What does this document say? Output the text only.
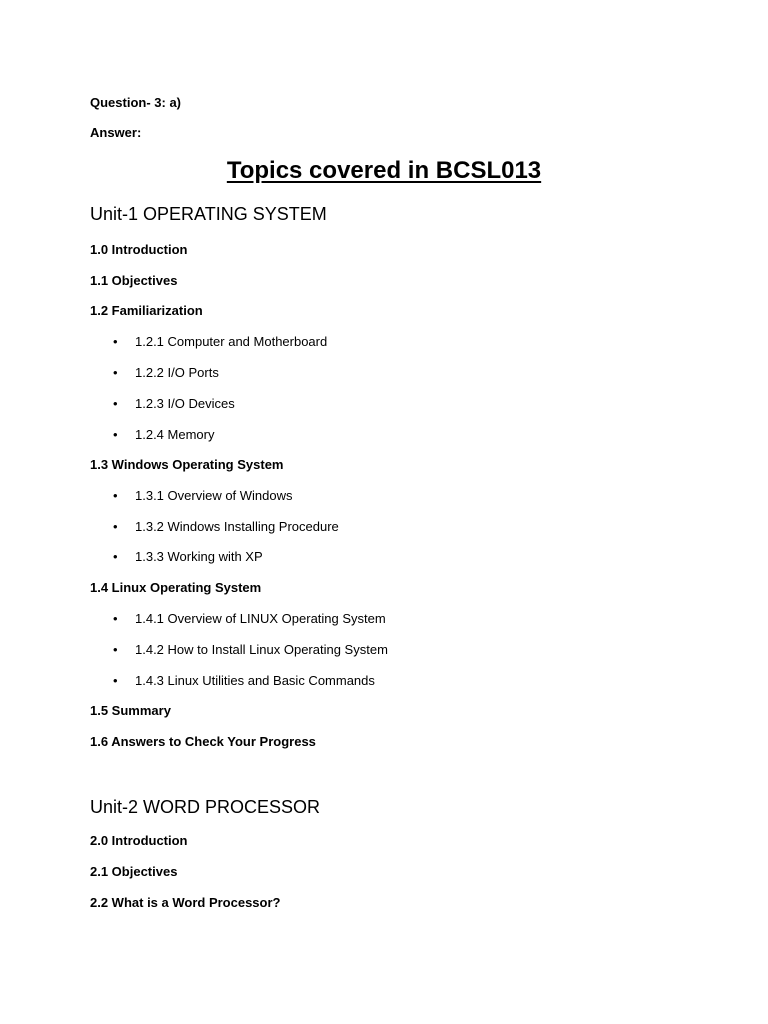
Question- 3: a)
Answer:
Topics covered in BCSL013
Unit-1 OPERATING SYSTEM
1.0 Introduction
1.1 Objectives
1.2 Familiarization
• 1.2.1 Computer and Motherboard
• 1.2.2 I/O Ports
• 1.2.3 I/O Devices
• 1.2.4 Memory
1.3 Windows Operating System
• 1.3.1 Overview of Windows
• 1.3.2 Windows Installing Procedure
• 1.3.3 Working with XP
1.4 Linux Operating System
• 1.4.1 Overview of LINUX Operating System
• 1.4.2 How to Install Linux Operating System
• 1.4.3 Linux Utilities and Basic Commands
1.5 Summary
1.6 Answers to Check Your Progress
Unit-2 WORD PROCESSOR
2.0 Introduction
2.1 Objectives
2.2 What is a Word Processor?
